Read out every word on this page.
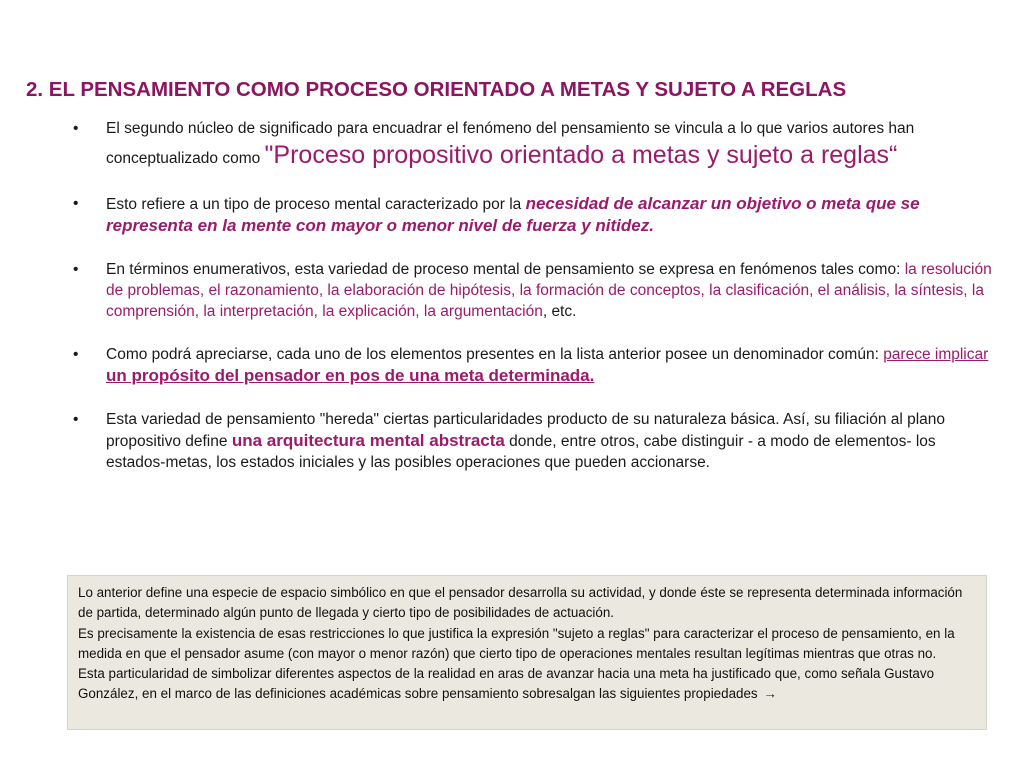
2. EL PENSAMIENTO COMO PROCESO ORIENTADO A METAS Y SUJETO A REGLAS
• El segundo núcleo de significado para encuadrar el fenómeno del pensamiento se vincula a lo que varios autores han conceptualizado como "Proceso propositivo orientado a metas y sujeto a reglas“
• Esto refiere a un tipo de proceso mental caracterizado por la necesidad de alcanzar un objetivo o meta que se representa en la mente con mayor o menor nivel de fuerza y nitidez.
• En términos enumerativos, esta variedad de proceso mental de pensamiento se expresa en fenómenos tales como: la resolución de problemas, el razonamiento, la elaboración de hipótesis, la formación de conceptos, la clasificación, el análisis, la síntesis, la comprensión, la interpretación, la explicación, la argumentación, etc.
• Como podrá apreciarse, cada uno de los elementos presentes en la lista anterior posee un denominador común: parece implicar un propósito del pensador en pos de una meta determinada.
• Esta variedad de pensamiento "hereda" ciertas particularidades producto de su naturaleza básica. Así, su filiación al plano propositivo define una arquitectura mental abstracta donde, entre otros, cabe distinguir - a modo de elementos- los estados-metas, los estados iniciales y las posibles operaciones que pueden accionarse.
Lo anterior define una especie de espacio simbólico en que el pensador desarrolla su actividad, y donde éste se representa determinada información de partida, determinado algún punto de llegada y cierto tipo de posibilidades de actuación.
Es precisamente la existencia de esas restricciones lo que justifica la expresión "sujeto a reglas" para caracterizar el proceso de pensamiento, en la medida en que el pensador asume (con mayor o menor razón) que cierto tipo de operaciones mentales resultan legítimas mientras que otras no.
Esta particularidad de simbolizar diferentes aspectos de la realidad en aras de avanzar hacia una meta ha justificado que, como señala Gustavo González, en el marco de las definiciones académicas sobre pensamiento sobresalgan las siguientes propiedades →
